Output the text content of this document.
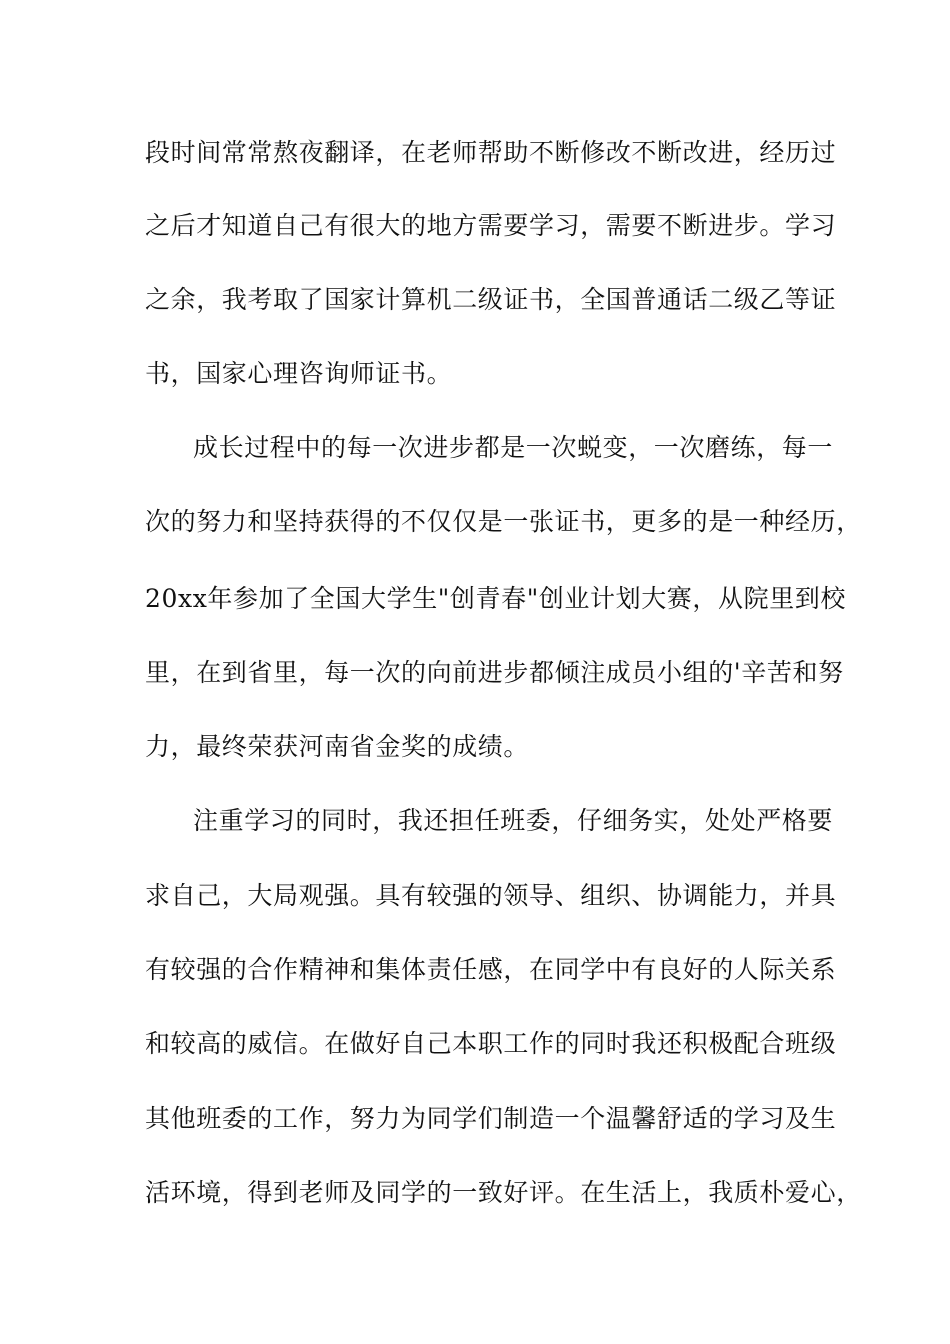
段时间常常熬夜翻译，在老师帮助不断修改不断改进，经历过
之后才知道自己有很大的地方需要学习，需要不断进步。学习
之余，我考取了国家计算机二级证书，全国普通话二级乙等证
书，国家心理咨询师证书。
成长过程中的每一次进步都是一次蜕变，一次磨练，每一
次的努力和坚持获得的不仅仅是一张证书，更多的是一种经历，
20xx年参加了全国大学生"创青春"创业计划大赛，从院里到校
里，在到省里，每一次的向前进步都倾注成员小组的'辛苦和努
力，最终荣获河南省金奖的成绩。
注重学习的同时，我还担任班委，仔细务实，处处严格要
求自己，大局观强。具有较强的领导、组织、协调能力，并具
有较强的合作精神和集体责任感，在同学中有良好的人际关系
和较高的威信。在做好自己本职工作的同时我还积极配合班级
其他班委的工作，努力为同学们制造一个温馨舒适的学习及生
活环境，得到老师及同学的一致好评。在生活上，我质朴爱心，
